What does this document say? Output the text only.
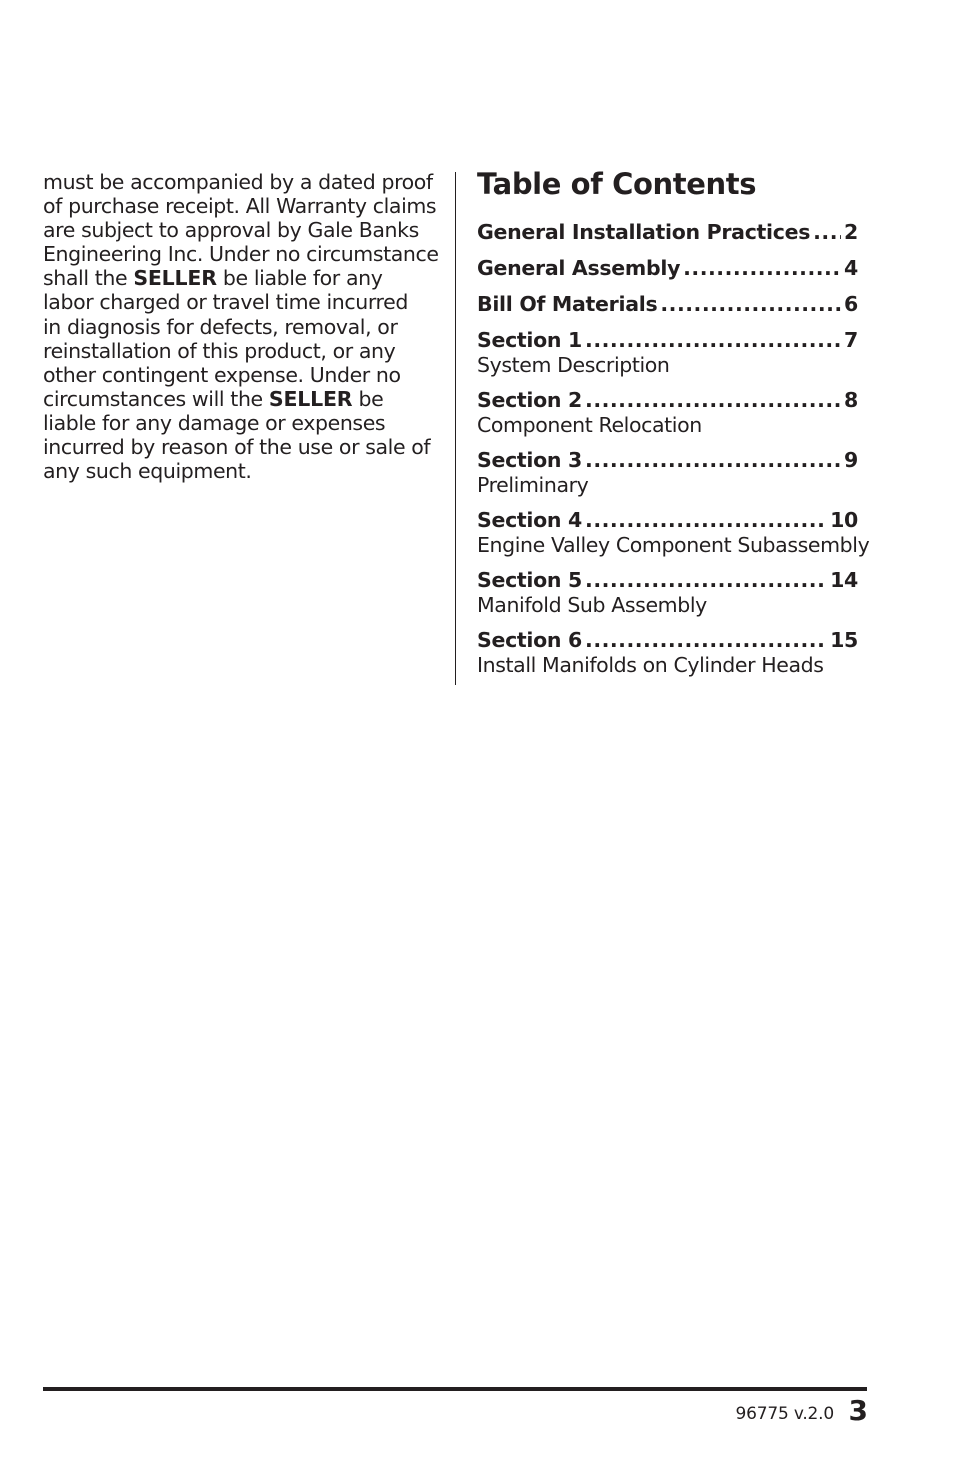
must be accompanied by a dated proof
of purchase receipt. All Warranty claims
are subject to approval by Gale Banks
Engineering Inc. Under no circumstance
shall the SELLER be liable for any
labor charged or travel time incurred
in diagnosis for defects, removal, or
reinstallation of this product, or any
other contingent expense. Under no
circumstances will the SELLER be
liable for any damage or expenses
incurred by reason of the use or sale of
any such equipment.

Table of Contents
General Installation Practices ..... 2
General Assembly .....	4
Bill Of Materials .....	6
Section 1 .....	7
System Description
Section 2 .....	8
Component Relocation
Section 3 .....	9
Preliminary
Section 4 .....	10
Engine Valley Component Subassembly
Section 5 .....	14
Manifold Sub Assembly
Section 6 .....	15
Install Manifolds on Cylinder Heads
96775 v.2.0 3
